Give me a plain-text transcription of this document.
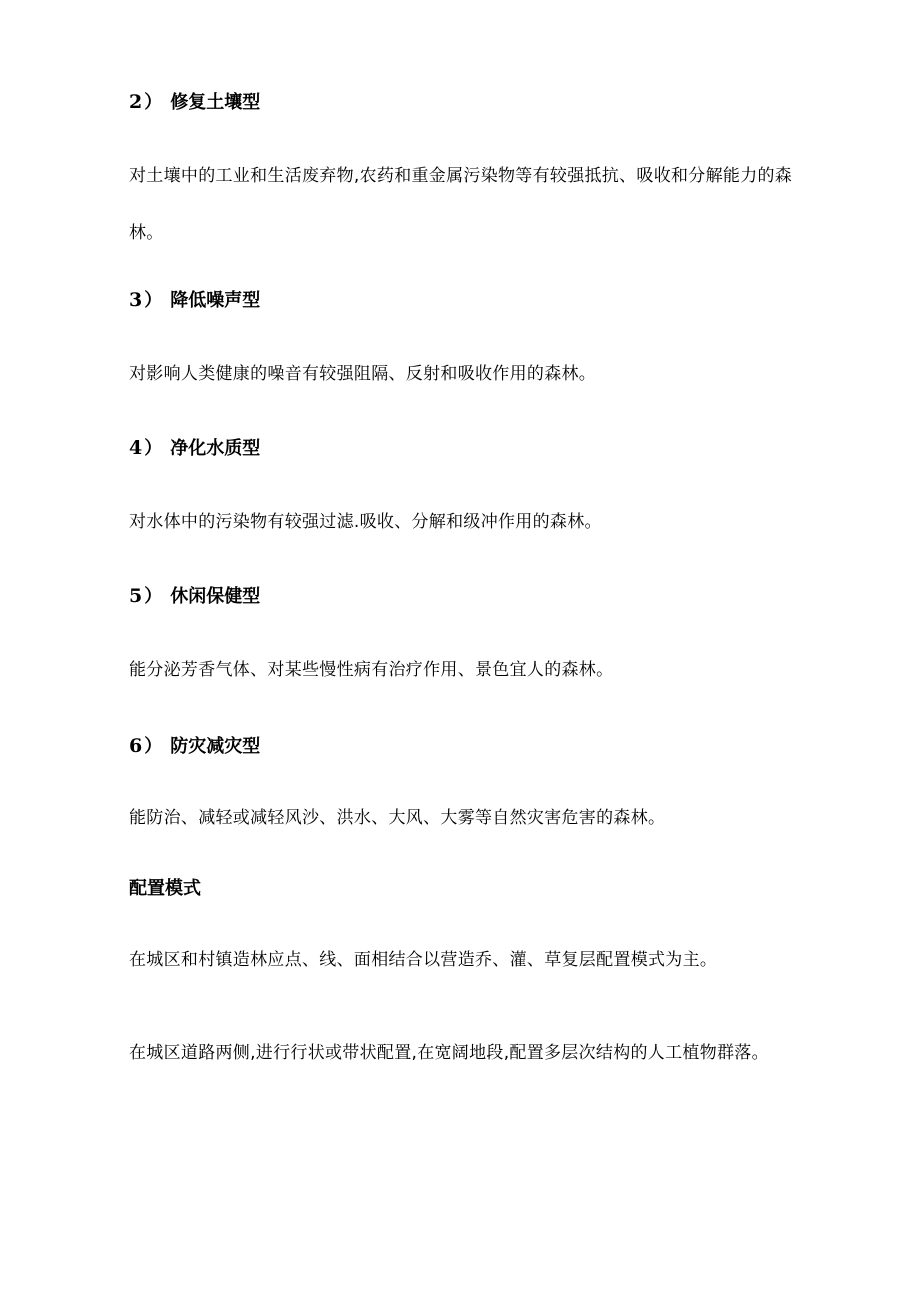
2 ） 修复土壤型

对土壤中的工业和生活废弃物,农药和重金属污染物等有较强抵抗、吸收和分解能力的森林。

3 ） 降低噪声型

对影响人类健康的噪音有较强阻隔、反射和吸收作用的森林。

4 ） 净化水质型

对水体中的污染物有较强过滤.吸收、分解和级冲作用的森林。

5 ） 休闲保健型

能分泌芳香气体、对某些慢性病有治疗作用、景色宜人的森林。

6 ） 防灾减灾型

能防治、减轻或减轻风沙、洪水、大风、大雾等自然灾害危害的森林。

配置模式

在城区和村镇造林应点、线、面相结合以营造乔、灌、草复层配置模式为主。

在城区道路两侧,进行行状或带状配置,在宽阔地段,配置多层次结构的人工植物群落。
